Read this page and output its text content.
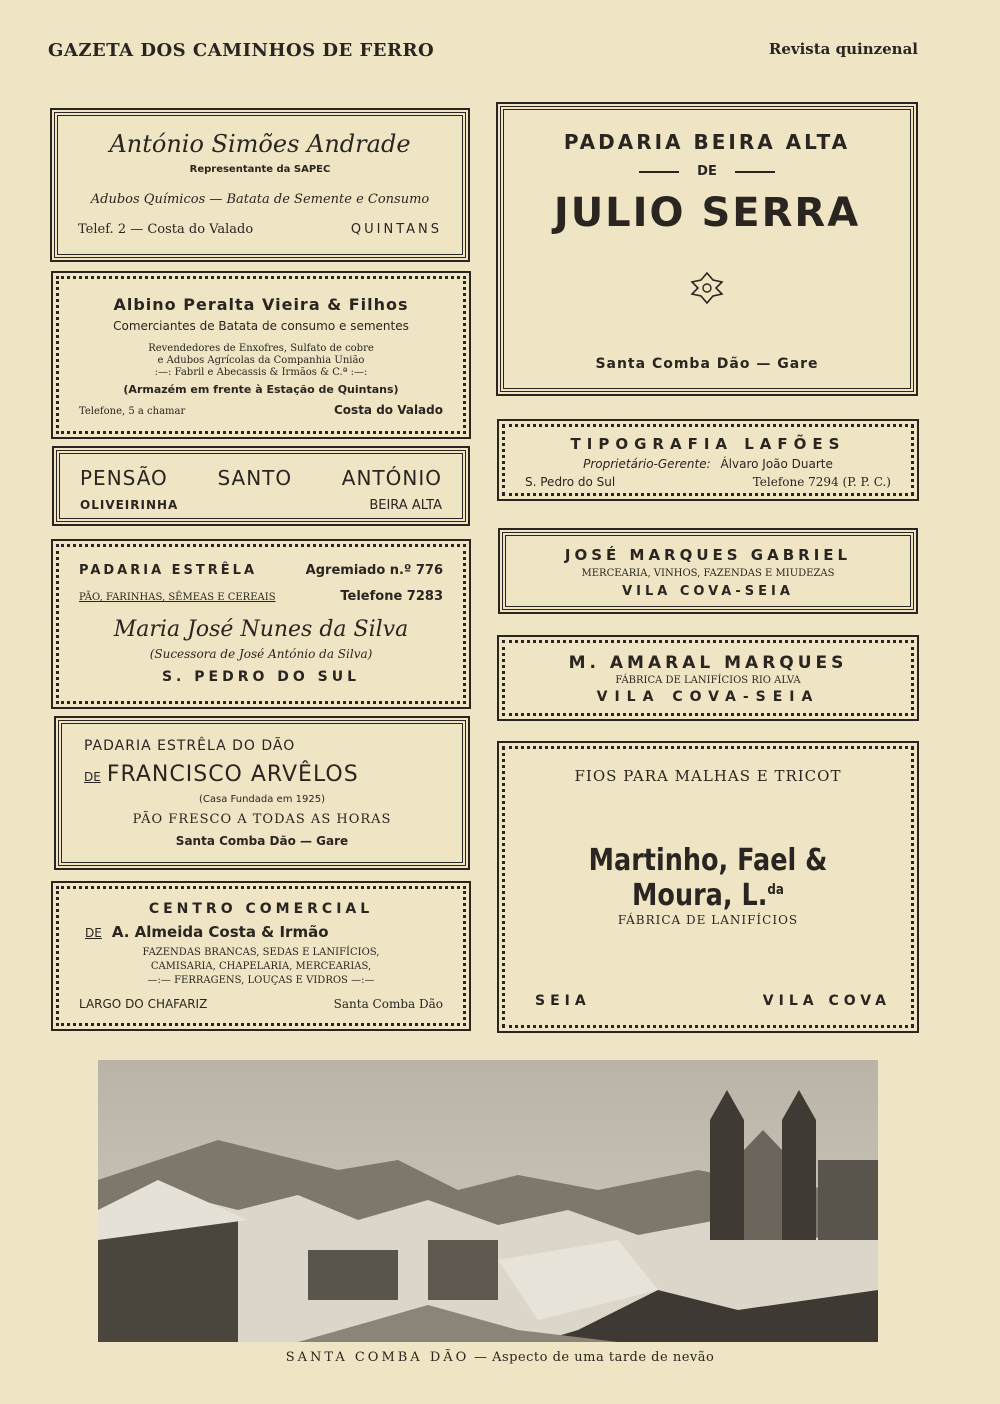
GAZETA DOS CAMINHOS DE FERRO	Revista quinzenal
António Simões Andrade
Representante da SAPEC
Adubos Químicos — Batata de Semente e Consumo
Telef. 2 — Costa do Valado	QUINTANS
Albino Peralta Vieira & Filhos
Comerciantes de Batata de consumo e sementes
Revendedores de Enxofres, Sulfato de cobre
e Adubos Agrícolas da Companhia União
:—: Fabril e Abecassis & Irmãos & C.ª :—:
(Armazém em frente à Estação de Quintans)
Telefone, 5 a chamar	Costa do Valado
PENSÃO SANTO ANTÓNIO
OLIVEIRINHA	BEIRA ALTA
PADARIA ESTRÊLA	Agremiado n.º 776
PÃO, FARINHAS, SÊMEAS E CEREAIS	Telefone 7283
Maria José Nunes da Silva
(Sucessora de José António da Silva)
S. PEDRO DO SUL
PADARIA ESTRÊLA DO DÃO
DE FRANCISCO ARVÊLOS
(Casa Fundada em 1925)
PÃO FRESCO A TODAS AS HORAS
Santa Comba Dão — Gare
CENTRO COMERCIAL
DE A. Almeida Costa & Irmão
FAZENDAS BRANCAS, SEDAS E LANIFÍCIOS,
CAMISARIA, CHAPELARIA, MERCEARIAS,
—:— FERRAGENS, LOUÇAS E VIDROS —:—
LARGO DO CHAFARIZ	Santa Comba Dão
PADARIA BEIRA ALTA
DE
JULIO SERRA
Santa Comba Dão — Gare
TIPOGRAFIA LAFÕES
Proprietário-Gerente: Álvaro João Duarte
S. Pedro do Sul	Telefone 7294 (P. P. C.)
JOSÉ MARQUES GABRIEL
MERCEARIA, VINHOS, FAZENDAS E MIUDEZAS
VILA COVA-SEIA
M. AMARAL MARQUES
FÁBRICA DE LANIFÍCIOS RIO ALVA
VILA COVA-SEIA
FIOS PARA MALHAS E TRICOT
Martinho, Fael & Moura, L.$^{da}$
FÁBRICA DE LANIFÍCIOS
SEIA	VILA COVA
SANTA COMBA DÃO — Aspecto de uma tarde de nevão
